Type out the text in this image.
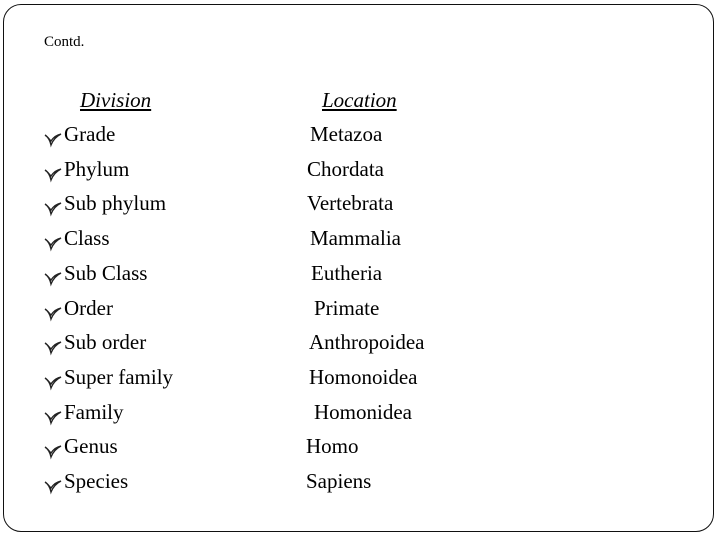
Contd.
Division	Location
Grade	Metazoa
Phylum	Chordata
Sub phylum	Vertebrata
Class	Mammalia
Sub Class	Eutheria
Order	Primate
Sub order	Anthropoidea
Super family	Homonoidea
Family	Homonidea
Genus	Homo
Species	Sapiens
